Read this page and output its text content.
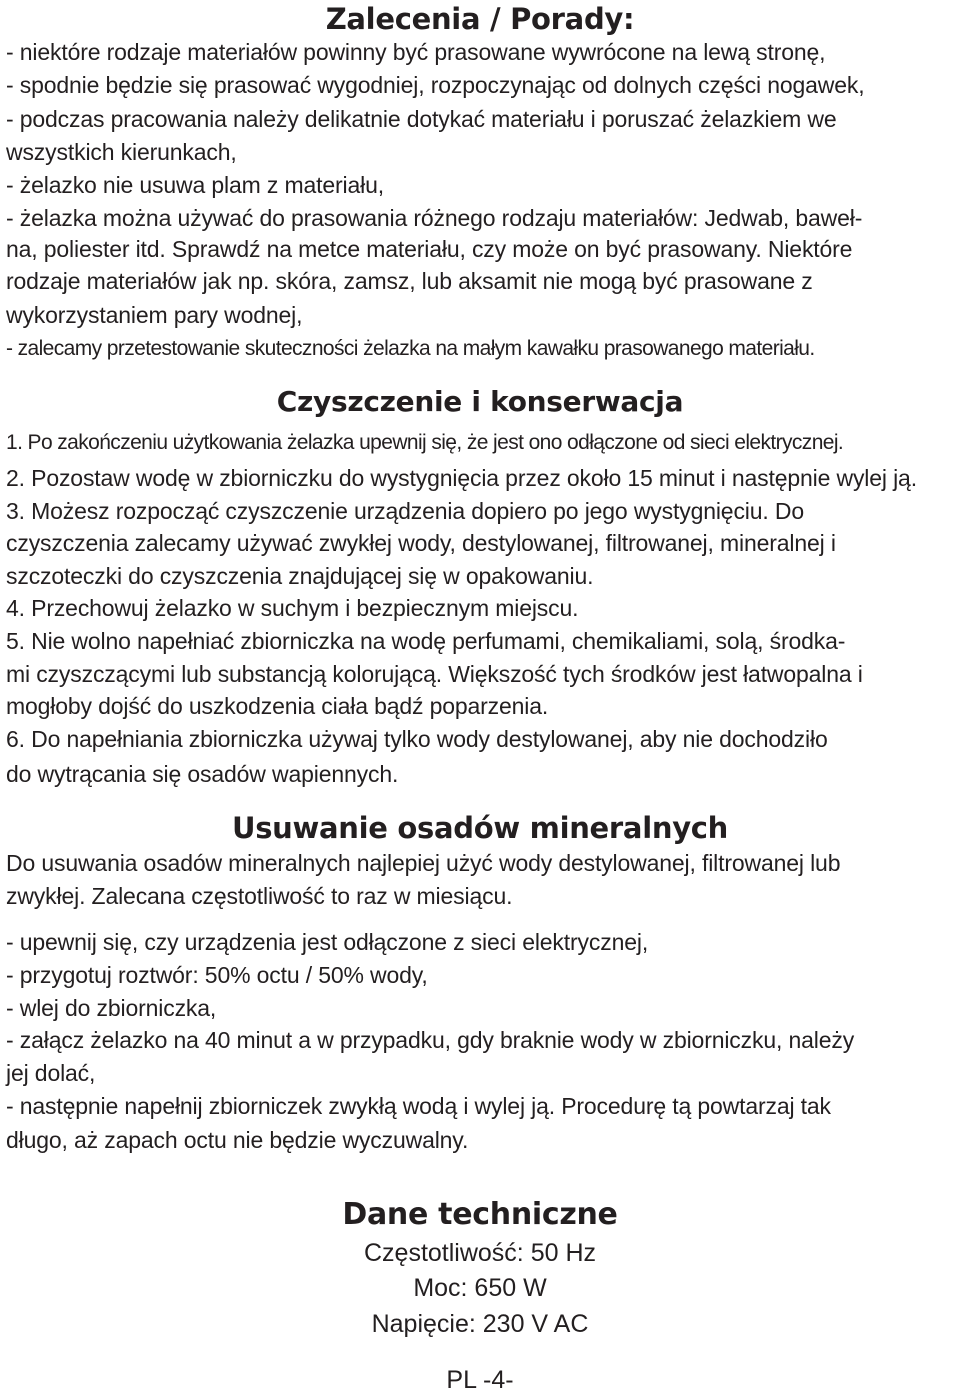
Zalecenia / Porady:
- niektóre rodzaje materiałów powinny być prasowane wywrócone na lewą stronę,
- spodnie będzie się prasować wygodniej, rozpoczynając od dolnych części nogawek,
- podczas pracowania należy delikatnie dotykać materiału i poruszać żelazkiem we
wszystkich kierunkach,
- żelazko nie usuwa plam z materiału,
- żelazka można używać do prasowania różnego rodzaju materiałów: Jedwab, baweł-
na, poliester itd. Sprawdź na metce materiału, czy może on być prasowany. Niektóre
rodzaje materiałów jak np. skóra, zamsz, lub aksamit nie mogą być prasowane z
wykorzystaniem pary wodnej,
- zalecamy przetestowanie skuteczności żelazka na małym kawałku prasowanego materiału.
Czyszczenie i konserwacja
1. Po zakończeniu użytkowania żelazka upewnij się, że jest ono odłączone od sieci elektrycznej.
2. Pozostaw wodę w zbiorniczku do wystygnięcia przez około 15 minut i następnie wylej ją.
3. Możesz rozpocząć czyszczenie urządzenia dopiero po jego wystygnięciu. Do
czyszczenia zalecamy używać zwykłej wody, destylowanej, filtrowanej, mineralnej i
szczoteczki do czyszczenia znajdującej się w opakowaniu.
4. Przechowuj żelazko w suchym i bezpiecznym miejscu.
5. Nie wolno napełniać zbiorniczka na wodę perfumami, chemikaliami, solą, środka-
mi czyszczącymi lub substancją kolorującą. Większość tych środków jest łatwopalna i
mogłoby dojść do uszkodzenia ciała bądź poparzenia.
6. Do napełniania zbiorniczka używaj tylko wody destylowanej, aby nie dochodziło
do wytrącania się osadów wapiennych.
Usuwanie osadów mineralnych
Do usuwania osadów mineralnych najlepiej użyć wody destylowanej, filtrowanej lub
zwykłej. Zalecana częstotliwość to raz w miesiącu.
- upewnij się, czy urządzenia jest odłączone z sieci elektrycznej,
- przygotuj roztwór: 50% octu / 50% wody,
- wlej do zbiorniczka,
- załącz żelazko na 40 minut a w przypadku, gdy braknie wody w zbiorniczku, należy
jej dolać,
- następnie napełnij zbiorniczek zwykłą wodą i wylej ją. Procedurę tą powtarzaj tak
długo, aż zapach octu nie będzie wyczuwalny.
Dane techniczne
Częstotliwość: 50 Hz
Moc: 650 W
Napięcie: 230 V AC
PL -4-
